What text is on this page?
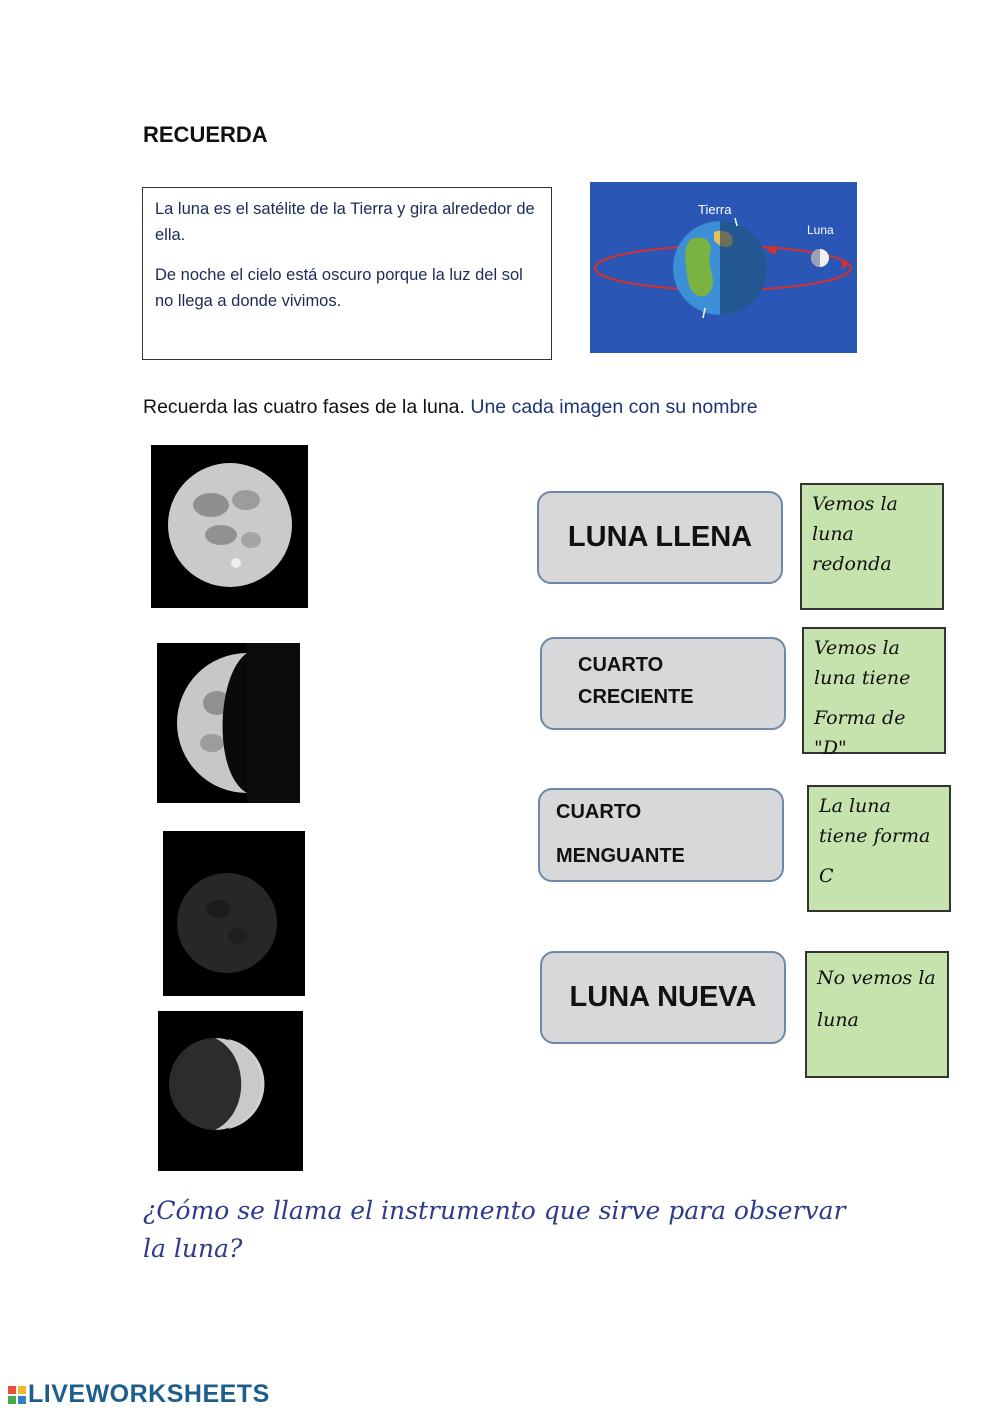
RECUERDA

La luna es el satélite de la Tierra y gira alrededor de ella.

De noche el cielo está oscuro porque la luz del sol no llega a donde vivimos.

Tierra
Luna
Recuerda las cuatro fases de la luna. Une cada imagen con su nombre
LUNA LLENA
CUARTO
CRECIENTE
CUARTO
MENGUANTE
LUNA NUEVA
Vemos la
luna
redonda
Vemos la
luna tiene
Forma de "D"
La luna
tiene forma
C
No vemos la
luna
¿Cómo se llama el instrumento que sirve para observar la luna?
LIVEWORKSHEETS
